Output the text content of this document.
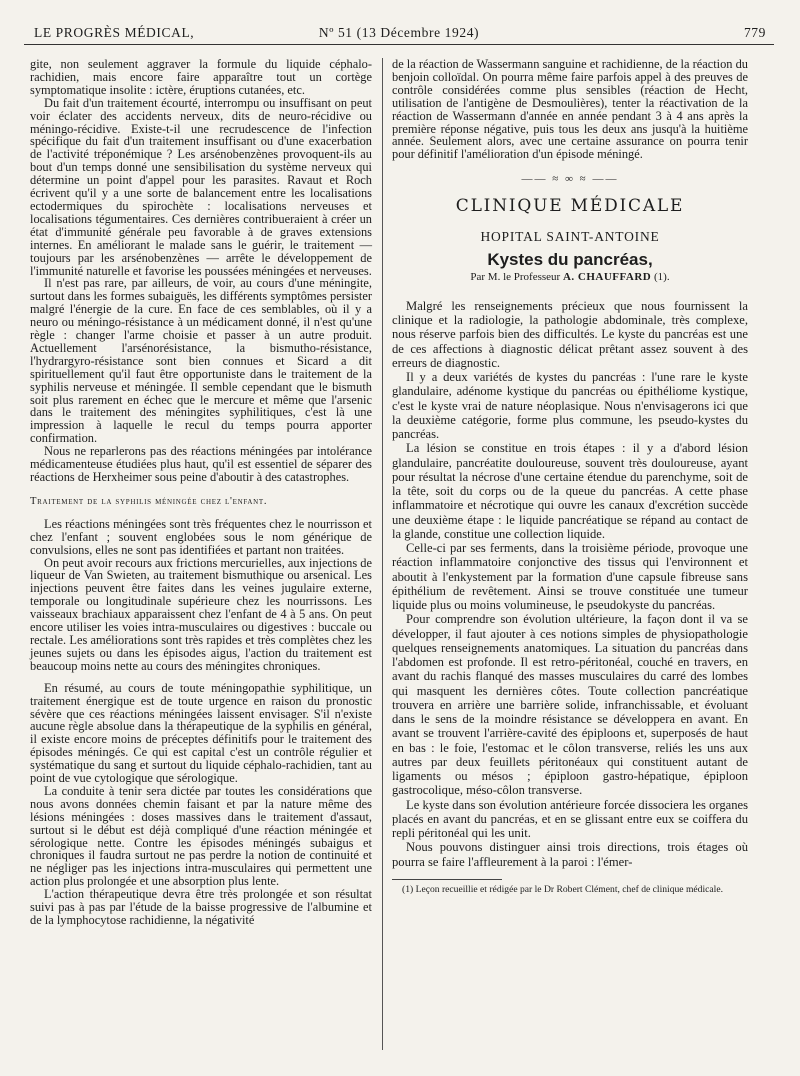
LE PROGRÈS MÉDICAL,	Nº 51 (13 Décembre 1924)	779

gite, non seulement aggraver la formule du liquide céphalo-rachidien, mais encore faire apparaître tout un cortège symptomatique insolite : ictère, éruptions cutanées, etc.

Du fait d'un traitement écourté, interrompu ou insuffisant on peut voir éclater des accidents nerveux, dits de neuro-récidive ou méningo-récidive. Existe-t-il une recrudescence de l'infection spécifique du fait d'un traitement insuffisant ou d'une exacerbation de l'activité tréponémique ? Les arsénobenzènes provoquent-ils au bout d'un temps donné une sensibilisation du système nerveux qui détermine un point d'appel pour les parasites. Ravaut et Roch écrivent qu'il y a une sorte de balancement entre les localisations ectodermiques du spirochète : localisations nerveuses et localisations tégumentaires. Ces dernières contribueraient à créer un état d'immunité générale peu favorable à de graves extensions internes. En améliorant le malade sans le guérir, le traitement — toujours par les arsénobenzènes — arrête le développement de l'immunité naturelle et favorise les poussées méningées et nerveuses.

Il n'est pas rare, par ailleurs, de voir, au cours d'une méningite, surtout dans les formes subaiguës, les différents symptômes persister malgré l'énergie de la cure. En face de ces semblables, où il y a neuro ou méningo-résistance à un médicament donné, il n'est qu'une règle : changer l'arme choisie et passer à un autre produit. Actuellement l'arsénorésistance, la bismutho-résistance, l'hydrargyro-résistance sont bien connues et Sicard a dit spirituellement qu'il faut être opportuniste dans le traitement de la syphilis nerveuse et méningée. Il semble cependant que le bismuth soit plus rarement en échec que le mercure et même que l'arsenic dans le traitement des méningites syphilitiques, c'est là une impression à laquelle le recul du temps pourra apporter confirmation.

Nous ne reparlerons pas des réactions méningées par intolérance médicamenteuse étudiées plus haut, qu'il est essentiel de séparer des réactions de Herxheimer sous peine d'aboutir à des catastrophes.

Traitement de la syphilis méningée chez l'enfant.

Les réactions méningées sont très fréquentes chez le nourrisson et chez l'enfant ; souvent englobées sous le nom générique de convulsions, elles ne sont pas identifiées et partant non traitées.

On peut avoir recours aux frictions mercurielles, aux injections de liqueur de Van Swieten, au traitement bismuthique ou arsenical. Les injections peuvent être faites dans les veines jugulaire externe, temporale ou longitudinale supérieure chez les nourrissons. Les vaisseaux brachiaux apparaissent chez l'enfant de 4 à 5 ans. On peut encore utiliser les voies intra-musculaires ou digestives : buccale ou rectale. Les améliorations sont très rapides et très complètes chez les jeunes sujets ou dans les épisodes aigus, l'action du traitement est beaucoup moins nette au cours des méningites chroniques.

En résumé, au cours de toute méningopathie syphilitique, un traitement énergique est de toute urgence en raison du pronostic sévère que ces réactions méningées laissent envisager. S'il n'existe aucune règle absolue dans la thérapeutique de la syphilis en général, il existe encore moins de préceptes définitifs pour le traitement des épisodes méningés. Ce qui est capital c'est un contrôle régulier et systématique du sang et surtout du liquide céphalo-rachidien, tant au point de vue cytologique que sérologique.

La conduite à tenir sera dictée par toutes les considérations que nous avons données chemin faisant et par la nature même des lésions méningées : doses massives dans le traitement d'assaut, surtout si le début est déjà compliqué d'une réaction méningée et sérologique nette. Contre les épisodes méningés subaigus et chroniques il faudra surtout ne pas perdre la notion de continuité et ne négliger pas les injections intra-musculaires qui permettent une action plus prolongée et une absorption plus lente.

L'action thérapeutique devra être très prolongée et son résultat suivi pas à pas par l'étude de la baisse progressive de l'albumine et de la lymphocytose rachidienne, la négativité

de la réaction de Wassermann sanguine et rachidienne, de la réaction du benjoin colloïdal. On pourra même faire parfois appel à des preuves de contrôle considérées comme plus sensibles (réaction de Hecht, utilisation de l'antigène de Desmoulières), tenter la réactivation de la réaction de Wassermann d'année en année pendant 3 à 4 ans après la première réponse négative, puis tous les deux ans jusqu'à la huitième année. Seulement alors, avec une certaine assurance on pourra tenir pour définitif l'amélioration d'un épisode méningé.

—— ≈ ∞ ≈ ——
CLINIQUE MÉDICALE
HOPITAL SAINT-ANTOINE
Kystes du pancréas,
Par M. le Professeur A. CHAUFFARD (1).

Malgré les renseignements précieux que nous fournissent la clinique et la radiologie, la pathologie abdominale, très complexe, nous réserve parfois bien des difficultés. Le kyste du pancréas est une de ces affections à diagnostic délicat prêtant assez souvent à des erreurs de diagnostic.

Il y a deux variétés de kystes du pancréas : l'une rare le kyste glandulaire, adénome kystique du pancréas ou épithéliome kystique, c'est le kyste vrai de nature néoplasique. Nous n'envisagerons ici que la deuxième catégorie, forme plus commune, les pseudo-kystes du pancréas.

La lésion se constitue en trois étapes : il y a d'abord lésion glandulaire, pancréatite douloureuse, souvent très douloureuse, ayant pour résultat la nécrose d'une certaine étendue du parenchyme, soit de la tête, soit du corps ou de la queue du pancréas. A cette phase inflammatoire et nécrotique qui ouvre les canaux d'excrétion succède une deuxième étape : le liquide pancréatique se répand au contact de la glande, constitue une collection liquide.

Celle-ci par ses ferments, dans la troisième période, provoque une réaction inflammatoire conjonctive des tissus qui l'environnent et aboutit à l'enkystement par la formation d'une capsule fibreuse sans épithélium de revêtement. Ainsi se trouve constituée une tumeur liquide plus ou moins volumineuse, le pseudokyste du pancréas.

Pour comprendre son évolution ultérieure, la façon dont il va se développer, il faut ajouter à ces notions simples de physiopathologie quelques renseignements anatomiques. La situation du pancréas dans l'abdomen est profonde. Il est retro-péritonéal, couché en travers, en avant du rachis flanqué des masses musculaires du carré des lombes qui masquent les dernières côtes. Toute collection pancréatique trouvera en arrière une barrière solide, infranchissable, et évoluant dans le sens de la moindre résistance se développera en avant. En avant se trouvent l'arrière-cavité des épiploons et, superposés de haut en bas : le foie, l'estomac et le côlon transverse, reliés les uns aux autres par deux feuillets péritonéaux qui constituent autant de ligaments ou mésos ; épiploon gastro-hépatique, épiploon gastrocolique, méso-côlon transverse.

Le kyste dans son évolution antérieure forcée dissociera les organes placés en avant du pancréas, et en se glissant entre eux se coiffera du repli péritonéal qui les unit.

Nous pouvons distinguer ainsi trois directions, trois étages où pourra se faire l'affleurement à la paroi : l'émer-

(1) Leçon recueillie et rédigée par le Dr Robert Clément, chef de clinique médicale.
